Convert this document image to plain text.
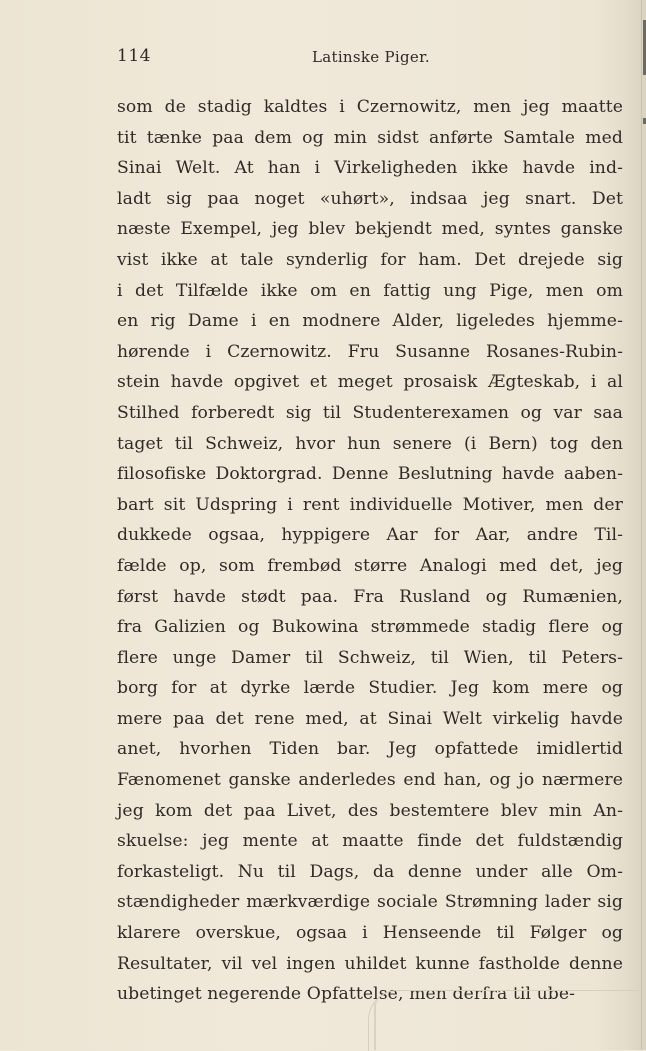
114	Latinske Piger.
som de stadig kaldtes i Czernowitz, men jeg maatte
tit tænke paa dem og min sidst anførte Samtale med
Sinai Welt. At han i Virkeligheden ikke havde ind-
ladt sig paa noget «uhørt», indsaa jeg snart. Det
næste Exempel, jeg blev bekjendt med, syntes ganske
vist ikke at tale synderlig for ham. Det drejede sig
i det Tilfælde ikke om en fattig ung Pige, men om
en rig Dame i en modnere Alder, ligeledes hjemme-
hørende i Czernowitz. Fru Susanne Rosanes-Rubin-
stein havde opgivet et meget prosaisk Ægteskab, i al
Stilhed forberedt sig til Studenterexamen og var saa
taget til Schweiz, hvor hun senere (i Bern) tog den
filosofiske Doktorgrad. Denne Beslutning havde aaben-
bart sit Udspring i rent individuelle Motiver, men der
dukkede ogsaa, hyppigere Aar for Aar, andre Til-
fælde op, som frembød større Analogi med det, jeg
først havde stødt paa. Fra Rusland og Rumænien,
fra Galizien og Bukowina strømmede stadig flere og
flere unge Damer til Schweiz, til Wien, til Peters-
borg for at dyrke lærde Studier. Jeg kom mere og
mere paa det rene med, at Sinai Welt virkelig havde
anet, hvorhen Tiden bar. Jeg opfattede imidlertid
Fænomenet ganske anderledes end han, og jo nærmere
jeg kom det paa Livet, des bestemtere blev min An-
skuelse: jeg mente at maatte finde det fuldstændig
forkasteligt. Nu til Dags, da denne under alle Om-
stændigheder mærkværdige sociale Strømning lader sig
klarere overskue, ogsaa i Henseende til Følger og
Resultater, vil vel ingen uhildet kunne fastholde denne
ubetinget negerende Opfattelse, men derfra til ube-
